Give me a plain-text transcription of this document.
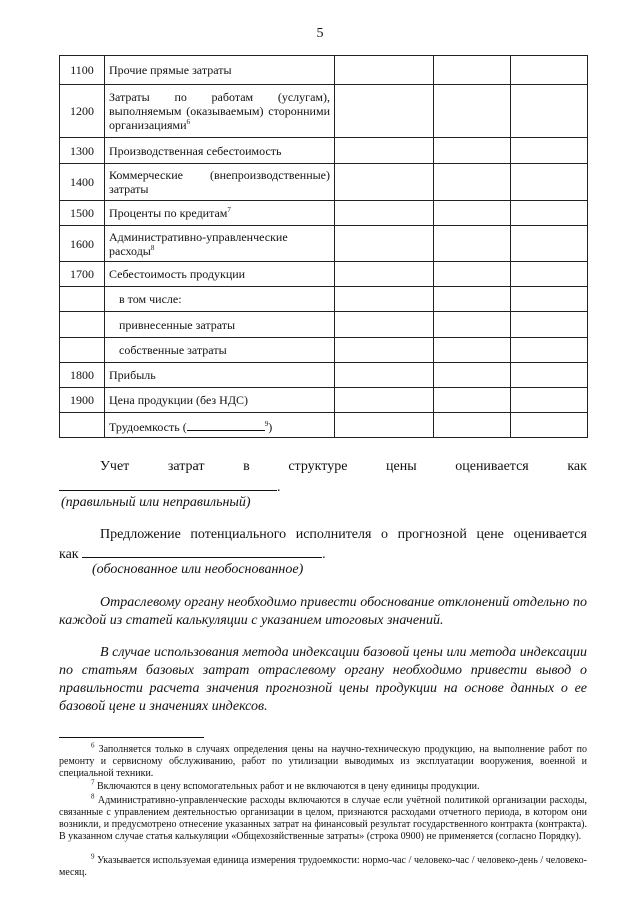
5
1100	Прочие прямые затраты			
1200	Затраты по работам (услугам), выполняемым (оказываемым) сторонними организациями$^6$			
1300	Производственная себестоимость			
1400	Коммерческие (внепроизводственные) затраты			
1500	Проценты по кредитам$^7$			
1600	Административно-управленческие расходы$^8$			
1700	Себестоимость продукции			
	в том числе:			
	привнесенные затраты			
	собственные затраты			
1800	Прибыль			
1900	Цена продукции (без НДС)			
	Трудоемкость ( $^9$)			
Учет	затрат	в	структуре	цены	оценивается	как
.
(правильный или неправильный)
Предложение потенциального исполнителя о прогнозной цене оценивается
как	.
(обоснованное или необоснованное)
Отраслевому органу необходимо привести обоснование отклонений отдельно по каждой из статей калькуляции с указанием итоговых значений.
В случае использования метода индексации базовой цены или метода индексации по статьям базовых затрат отраслевому органу необходимо привести вывод о правильности расчета значения прогнозной цены продукции на основе данных о ее базовой цене и значениях индексов.
$^6$ Заполняется только в случаях определения цены на научно-техническую продукцию, на выполнение работ по ремонту и сервисному обслуживанию, работ по утилизации выводимых из эксплуатации вооружения, военной и специальной техники.
$^7$ Включаются в цену вспомогательных работ и не включаются в цену единицы продукции.
$^8$ Административно-управленческие расходы включаются в случае если учётной политикой организации расходы, связанные с управлением деятельностью организации в целом, признаются расходами отчетного периода, в котором они возникли, и предусмотрено отнесение указанных затрат на финансовый результат государственного контракта (контракта). В указанном случае статья калькуляции «Общехозяйственные затраты» (строка 0900) не применяется (согласно Порядку).
$^9$ Указывается используемая единица измерения трудоемкости: нормо-час / человеко-час / человеко-день / человеко-месяц.
